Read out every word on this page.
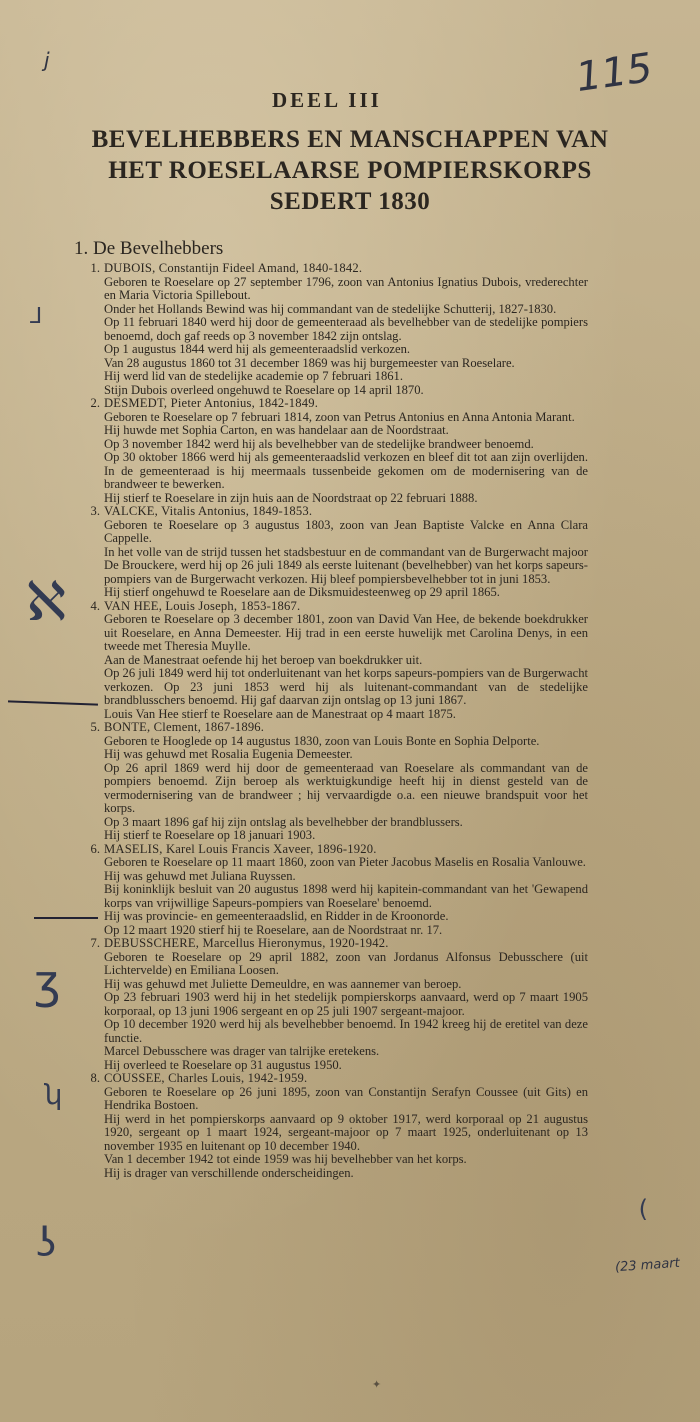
j	115
(23 maart
⅃
ℵ
ʒ
ʮ
ʖ
(
DEEL III
BEVELHEBBERS EN MANSCHAPPEN VAN
HET ROESELAARSE POMPIERSKORPS
SEDERT 1830
1. De Bevelhebbers
1. DUBOIS, Constantijn Fideel Amand, 1840-1842.

Geboren te Roeselare op 27 september 1796, zoon van Antonius Ignatius Dubois, vrederechter en Maria Victoria Spillebout.

Onder het Hollands Bewind was hij commandant van de stedelijke Schutterij, 1827-1830.

Op 11 februari 1840 werd hij door de gemeenteraad als bevelhebber van de stedelijke pompiers benoemd, doch gaf reeds op 3 november 1842 zijn ontslag.

Op 1 augustus 1844 werd hij als gemeenteraadslid verkozen.

Van 28 augustus 1860 tot 31 december 1869 was hij burgemeester van Roeselare.

Hij werd lid van de stedelijke academie op 7 februari 1861.

Stijn Dubois overleed ongehuwd te Roeselare op 14 april 1870.

2. DESMEDT, Pieter Antonius, 1842-1849.

Geboren te Roeselare op 7 februari 1814, zoon van Petrus Antonius en Anna Antonia Marant.

Hij huwde met Sophia Carton, en was handelaar aan de Noordstraat.

Op 3 november 1842 werd hij als bevelhebber van de stedelijke brandweer benoemd.

Op 30 oktober 1866 werd hij als gemeenteraadslid verkozen en bleef dit tot aan zijn overlijden. In de gemeenteraad is hij meermaals tussenbeide gekomen om de modernisering van de brandweer te bewerken.

Hij stierf te Roeselare in zijn huis aan de Noordstraat op 22 februari 1888.

3. VALCKE, Vitalis Antonius, 1849-1853.

Geboren te Roeselare op 3 augustus 1803, zoon van Jean Baptiste Valcke en Anna Clara Cappelle.

In het volle van de strijd tussen het stadsbestuur en de commandant van de Burgerwacht majoor De Brouckere, werd hij op 26 juli 1849 als eerste luitenant (bevelhebber) van het korps sapeurs-pompiers van de Burgerwacht verkozen. Hij bleef pompiersbevelhebber tot in juni 1853.

Hij stierf ongehuwd te Roeselare aan de Diksmuidesteenweg op 29 april 1865.

4. VAN HEE, Louis Joseph, 1853-1867.

Geboren te Roeselare op 3 december 1801, zoon van David Van Hee, de bekende boekdrukker uit Roeselare, en Anna Demeester. Hij trad in een eerste huwelijk met Carolina Denys, in een tweede met Theresia Muylle.

Aan de Manestraat oefende hij het beroep van boekdrukker uit.

Op 26 juli 1849 werd hij tot onderluitenant van het korps sapeurs-pompiers van de Burgerwacht verkozen. Op 23 juni 1853 werd hij als luitenant-commandant van de stedelijke brandblusschers benoemd. Hij gaf daarvan zijn ontslag op 13 juni 1867.

Louis Van Hee stierf te Roeselare aan de Manestraat op 4 maart 1875.

5. BONTE, Clement, 1867-1896.

Geboren te Hooglede op 14 augustus 1830, zoon van Louis Bonte en Sophia Delporte.

Hij was gehuwd met Rosalia Eugenia Demeester.

Op 26 april 1869 werd hij door de gemeenteraad van Roeselare als commandant van de pompiers benoemd. Zijn beroep als werktuigkundige heeft hij in dienst gesteld van de vermodernisering van de brandweer ; hij vervaardigde o.a. een nieuwe brandspuit voor het korps.

Op 3 maart 1896 gaf hij zijn ontslag als bevelhebber der brandblussers.

Hij stierf te Roeselare op 18 januari 1903.

6. MASELIS, Karel Louis Francis Xaveer, 1896-1920.

Geboren te Roeselare op 11 maart 1860, zoon van Pieter Jacobus Maselis en Rosalia Vanlouwe.

Hij was gehuwd met Juliana Ruyssen.

Bij koninklijk besluit van 20 augustus 1898 werd hij kapitein-commandant van het 'Gewapend korps van vrijwillige Sapeurs-pompiers van Roeselare' benoemd.

Hij was provincie- en gemeenteraadslid, en Ridder in de Kroonorde.

Op 12 maart 1920 stierf hij te Roeselare, aan de Noordstraat nr. 17.

7. DEBUSSCHERE, Marcellus Hieronymus, 1920-1942.

Geboren te Roeselare op 29 april 1882, zoon van Jordanus Alfonsus Debusschere (uit Lichtervelde) en Emiliana Loosen.

Hij was gehuwd met Juliette Demeuldre, en was aannemer van beroep.

Op 23 februari 1903 werd hij in het stedelijk pompierskorps aanvaard, werd op 7 maart 1905 korporaal, op 13 juni 1906 sergeant en op 25 juli 1907 sergeant-majoor.

Op 10 december 1920 werd hij als bevelhebber benoemd. In 1942 kreeg hij de eretitel van deze functie.

Marcel Debusschere was drager van talrijke eretekens.

Hij overleed te Roeselare op 31 augustus 1950.

8. COUSSEE, Charles Louis, 1942-1959.

Geboren te Roeselare op 26 juni 1895, zoon van Constantijn Serafyn Coussee (uit Gits) en Hendrika Bostoen.

Hij werd in het pompierskorps aanvaard op 9 oktober 1917, werd korporaal op 21 augustus 1920, sergeant op 1 maart 1924, sergeant-majoor op 7 maart 1925, onderluitenant op 13 november 1935 en luitenant op 10 december 1940.

Van 1 december 1942 tot einde 1959 was hij bevelhebber van het korps.

Hij is drager van verschillende onderscheidingen.

✦
